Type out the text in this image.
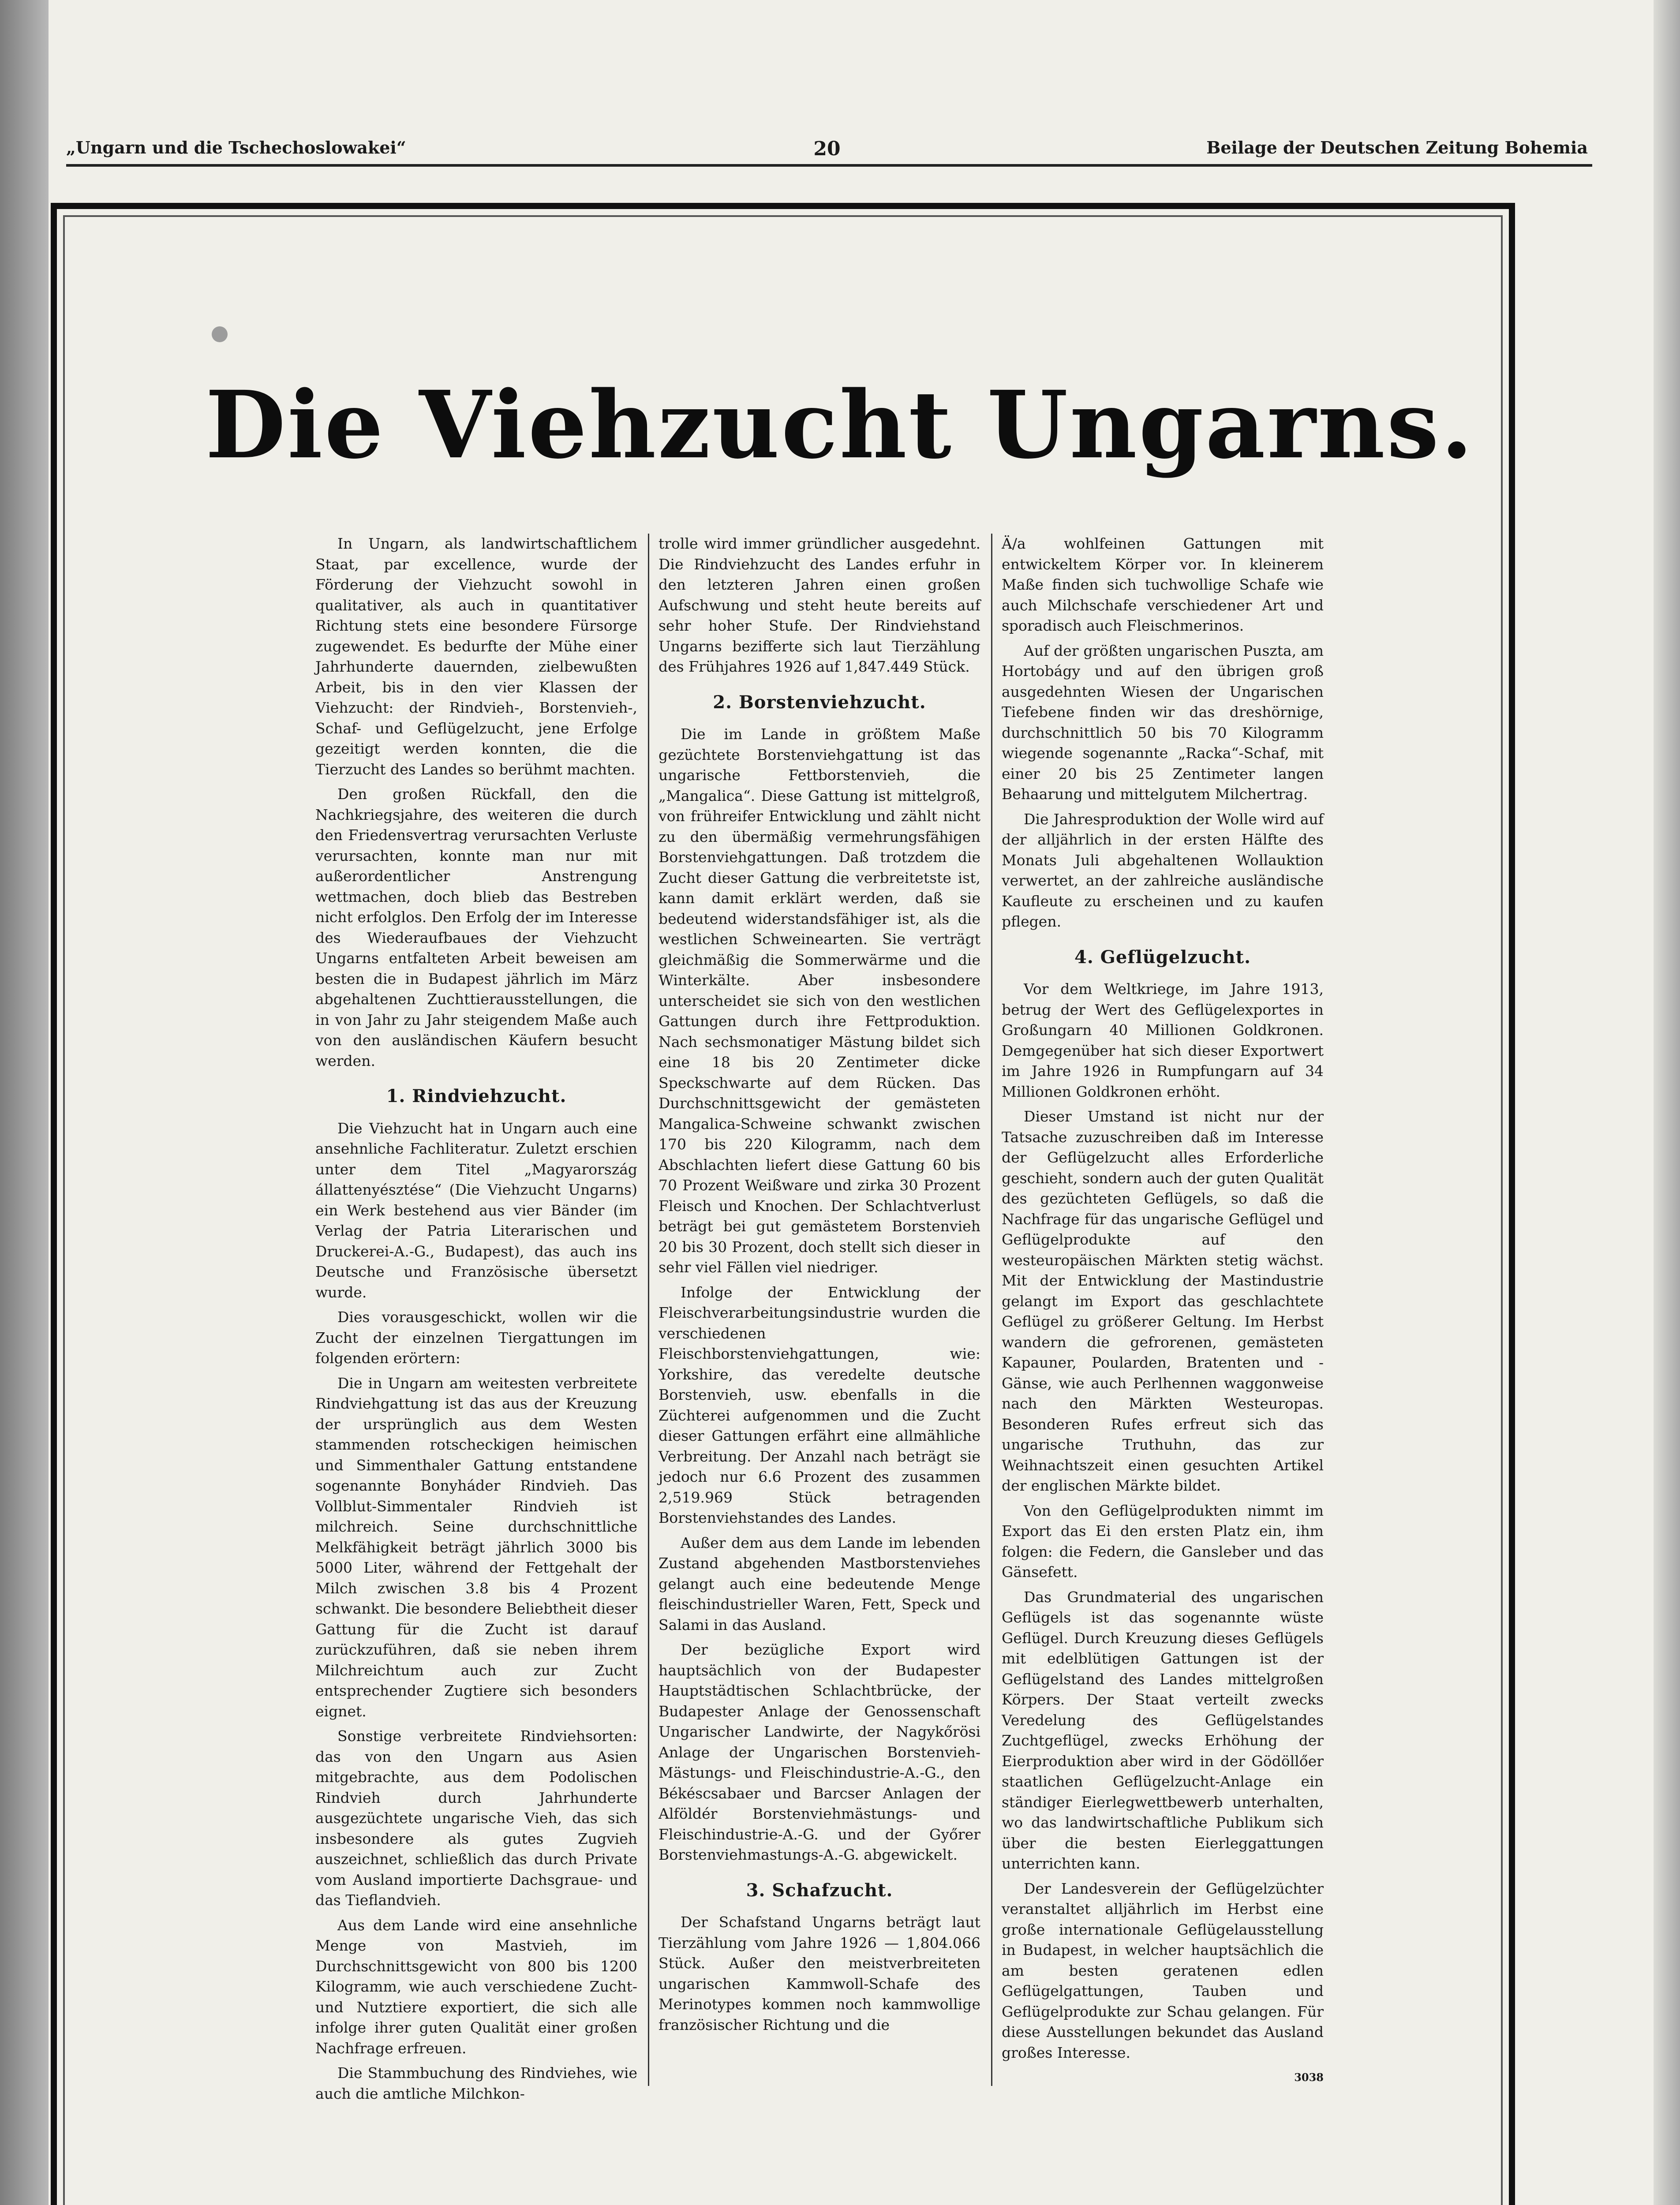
„Ungarn und die Tschechoslowakei“	20	Beilage der Deutschen Zeitung Bohemia
Die Viehzucht Ungarns.

In Ungarn, als landwirtschaftlichem Staat, par excellence, wurde der Förderung der Viehzucht sowohl in qualitativer, als auch in quantitativer Richtung stets eine besondere Fürsorge zugewendet. Es bedurfte der Mühe einer Jahrhunderte dauernden, zielbewußten Arbeit, bis in den vier Klassen der Viehzucht: der Rindvieh-, Borstenvieh-, Schaf- und Geflügelzucht, jene Erfolge gezeitigt werden konnten, die die Tierzucht des Landes so berühmt machten.

Den großen Rückfall, den die Nachkriegsjahre, des weiteren die durch den Friedensvertrag verursachten Verluste verursachten, konnte man nur mit außerordentlicher Anstrengung wettmachen, doch blieb das Bestreben nicht erfolglos. Den Erfolg der im Interesse des Wiederaufbaues der Viehzucht Ungarns entfalteten Arbeit beweisen am besten die in Budapest jährlich im März abgehaltenen Zuchttierausstellungen, die in von Jahr zu Jahr steigendem Maße auch von den ausländischen Käufern besucht werden.

1. Rindviehzucht.

Die Viehzucht hat in Ungarn auch eine ansehnliche Fachliteratur. Zuletzt erschien unter dem Titel „Magyarország állattenyésztése“ (Die Viehzucht Ungarns) ein Werk bestehend aus vier Bänder (im Verlag der Patria Literarischen und Druckerei-A.-G., Budapest), das auch ins Deutsche und Französische übersetzt wurde.

Dies vorausgeschickt, wollen wir die Zucht der einzelnen Tiergattungen im folgenden erörtern:

Die in Ungarn am weitesten verbreitete Rindviehgattung ist das aus der Kreuzung der ursprünglich aus dem Westen stammenden rotscheckigen heimischen und Simmenthaler Gattung entstandene sogenannte Bonyháder Rindvieh. Das Vollblut-Simmentaler Rindvieh ist milchreich. Seine durchschnittliche Melkfähigkeit beträgt jährlich 3000 bis 5000 Liter, während der Fettgehalt der Milch zwischen 3.8 bis 4 Prozent schwankt. Die besondere Beliebtheit dieser Gattung für die Zucht ist darauf zurückzuführen, daß sie neben ihrem Milchreichtum auch zur Zucht entsprechender Zugtiere sich besonders eignet.

Sonstige verbreitete Rindviehsorten: das von den Ungarn aus Asien mitgebrachte, aus dem Podolischen Rindvieh durch Jahrhunderte ausgezüchtete ungarische Vieh, das sich insbesondere als gutes Zugvieh auszeichnet, schließlich das durch Private vom Ausland importierte Dachsgraue- und das Tieflandvieh.

Aus dem Lande wird eine ansehnliche Menge von Mastvieh, im Durchschnittsgewicht von 800 bis 1200 Kilogramm, wie auch verschiedene Zucht- und Nutztiere exportiert, die sich alle infolge ihrer guten Qualität einer großen Nachfrage erfreuen.

Die Stammbuchung des Rindviehes, wie auch die amtliche Milchkon-

trolle wird immer gründlicher ausgedehnt. Die Rindviehzucht des Landes erfuhr in den letzteren Jahren einen großen Aufschwung und steht heute bereits auf sehr hoher Stufe. Der Rindviehstand Ungarns bezifferte sich laut Tierzählung des Frühjahres 1926 auf 1,847.449 Stück.

2. Borstenviehzucht.

Die im Lande in größtem Maße gezüchtete Borstenviehgattung ist das ungarische Fettborstenvieh, die „Mangalica“. Diese Gattung ist mittelgroß, von frühreifer Entwicklung und zählt nicht zu den übermäßig vermehrungsfähigen Borstenviehgattungen. Daß trotzdem die Zucht dieser Gattung die verbreitetste ist, kann damit erklärt werden, daß sie bedeutend widerstandsfähiger ist, als die westlichen Schweinearten. Sie verträgt gleichmäßig die Sommerwärme und die Winterkälte. Aber insbesondere unterscheidet sie sich von den westlichen Gattungen durch ihre Fettproduktion. Nach sechsmonatiger Mästung bildet sich eine 18 bis 20 Zentimeter dicke Speckschwarte auf dem Rücken. Das Durchschnittsgewicht der gemästeten Mangalica-Schweine schwankt zwischen 170 bis 220 Kilogramm, nach dem Abschlachten liefert diese Gattung 60 bis 70 Prozent Weißware und zirka 30 Prozent Fleisch und Knochen. Der Schlachtverlust beträgt bei gut gemästetem Borstenvieh 20 bis 30 Prozent, doch stellt sich dieser in sehr viel Fällen viel niedriger.

Infolge der Entwicklung der Fleischverarbeitungsindustrie wurden die verschiedenen Fleischborstenviehgattungen, wie: Yorkshire, das veredelte deutsche Borstenvieh, usw. ebenfalls in die Züchterei aufgenommen und die Zucht dieser Gattungen erfährt eine allmähliche Verbreitung. Der Anzahl nach beträgt sie jedoch nur 6.6 Prozent des zusammen 2,519.969 Stück betragenden Borstenviehstandes des Landes.

Außer dem aus dem Lande im lebenden Zustand abgehenden Mastborstenviehes gelangt auch eine bedeutende Menge fleischindustrieller Waren, Fett, Speck und Salami in das Ausland.

Der bezügliche Export wird hauptsächlich von der Budapester Hauptstädtischen Schlachtbrücke, der Budapester Anlage der Genossenschaft Ungarischer Landwirte, der Nagykőrösi Anlage der Ungarischen Borstenvieh-Mästungs- und Fleischindustrie-A.-G., den Békéscsabaer und Barcser Anlagen der Alföldér Borstenviehmästungs- und Fleischindustrie-A.-G. und der Győrer Borstenviehmastungs-A.-G. abgewickelt.

3. Schafzucht.

Der Schafstand Ungarns beträgt laut Tierzählung vom Jahre 1926 — 1,804.066 Stück. Außer den meistverbreiteten ungarischen Kammwoll-Schafe des Merinotypes kommen noch kammwollige französischer Richtung und die

Ä/a wohlfeinen Gattungen mit entwickeltem Körper vor. In kleinerem Maße finden sich tuchwollige Schafe wie auch Milchschafe verschiedener Art und sporadisch auch Fleischmerinos.

Auf der größten ungarischen Puszta, am Hortobágy und auf den übrigen groß ausgedehnten Wiesen der Ungarischen Tiefebene finden wir das dreshörnige, durchschnittlich 50 bis 70 Kilogramm wiegende sogenannte „Racka“-Schaf, mit einer 20 bis 25 Zentimeter langen Behaarung und mittelgutem Milchertrag.

Die Jahresproduktion der Wolle wird auf der alljährlich in der ersten Hälfte des Monats Juli abgehaltenen Wollauktion verwertet, an der zahlreiche ausländische Kaufleute zu erscheinen und zu kaufen pflegen.

4. Geflügelzucht.

Vor dem Weltkriege, im Jahre 1913, betrug der Wert des Geflügelexportes in Großungarn 40 Millionen Goldkronen. Demgegenüber hat sich dieser Exportwert im Jahre 1926 in Rumpfungarn auf 34 Millionen Goldkronen erhöht.

Dieser Umstand ist nicht nur der Tatsache zuzuschreiben daß im Interesse der Geflügelzucht alles Erforderliche geschieht, sondern auch der guten Qualität des gezüchteten Geflügels, so daß die Nachfrage für das ungarische Geflügel und Geflügelprodukte auf den westeuropäischen Märkten stetig wächst. Mit der Entwicklung der Mastindustrie gelangt im Export das geschlachtete Geflügel zu größerer Geltung. Im Herbst wandern die gefrorenen, gemästeten Kapauner, Poularden, Bratenten und -Gänse, wie auch Perlhennen waggonweise nach den Märkten Westeuropas. Besonderen Rufes erfreut sich das ungarische Truthuhn, das zur Weihnachtszeit einen gesuchten Artikel der englischen Märkte bildet.

Von den Geflügelprodukten nimmt im Export das Ei den ersten Platz ein, ihm folgen: die Federn, die Gansleber und das Gänsefett.

Das Grundmaterial des ungarischen Geflügels ist das sogenannte wüste Geflügel. Durch Kreuzung dieses Geflügels mit edelblütigen Gattungen ist der Geflügelstand des Landes mittelgroßen Körpers. Der Staat verteilt zwecks Veredelung des Geflügelstandes Zuchtgeflügel, zwecks Erhöhung der Eierproduktion aber wird in der Gödöllőer staatlichen Geflügelzucht-Anlage ein ständiger Eierlegwettbewerb unterhalten, wo das landwirtschaftliche Publikum sich über die besten Eierleggattungen unterrichten kann.

Der Landesverein der Geflügelzüchter veranstaltet alljährlich im Herbst eine große internationale Geflügelausstellung in Budapest, in welcher hauptsächlich die am besten geratenen edlen Geflügelgattungen, Tauben und Geflügelprodukte zur Schau gelangen. Für diese Ausstellungen bekundet das Ausland großes Interesse.

3038
